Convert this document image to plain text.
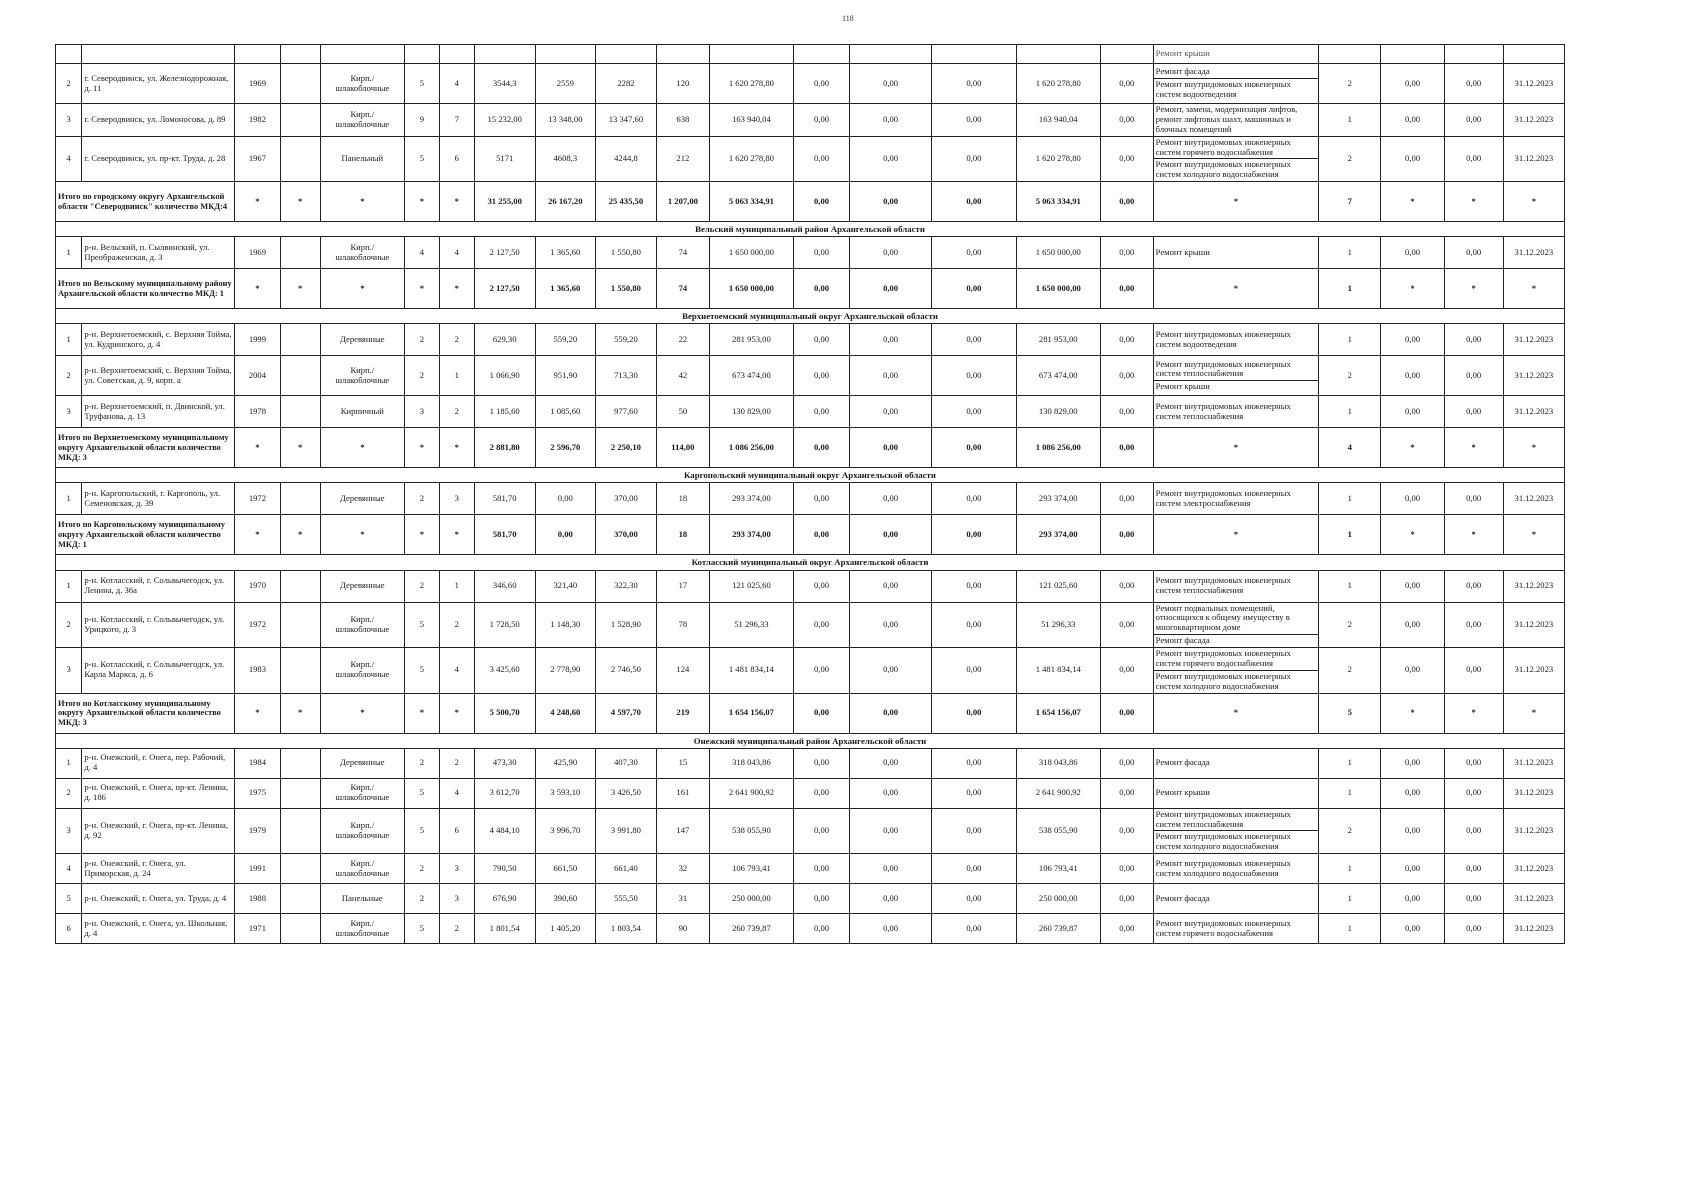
118
																	Ремонт крыши				
2	г. Северодвинск, ул. Железнодорожная, д. 11	1969		Кирп./ шлакоблочные	5	4	3544,3	2559	2282	120	1 620 278,80	0,00	0,00	0,00	1 620 278,80	0,00	Ремонт фасада
Ремонт внутридомовых инженерных систем водоотведения	2	0,00	0,00	31.12.2023
3	г. Северодвинск, ул. Ломоносова, д. 89	1982		Кирп./ шлакоблочные	9	7	15 232,00	13 348,00	13 347,60	638	163 940,04	0,00	0,00	0,00	163 940,04	0,00	Ремонт, замена, модернизация лифтов, ремонт лифтовых шахт, машинных и блочных помещений	1	0,00	0,00	31.12.2023
4	г. Северодвинск, ул. пр-кт. Труда, д. 28	1967		Панельный	5	6	5171	4608,3	4244,8	212	1 620 278,80	0,00	0,00	0,00	1 620 278,80	0,00	Ремонт внутридомовых инженерных систем горячего водоснабжения
Ремонт внутридомовых инженерных систем холодного водоснабжения	2	0,00	0,00	31.12.2023
Итого по городскому округу Архангельской области "Северодвинск" количество МКД:4		*	*	*	*	*	31 255,00	26 167,20	25 435,50	1 207,00	5 063 334,91	0,00	0,00	0,00	5 063 334,91	0,00	*	7	*	*	*
Вельский муниципальный район Архангельской области																					
1	р-н. Вельский, п. Сылвинский, ул. Преображенская, д. 3	1969		Кирп./ шлакоблочные	4	4	2 127,50	1 365,60	1 550,80	74	1 650 000,00	0,00	0,00	0,00	1 650 000,00	0,00	Ремонт крыши	1	0,00	0,00	31.12.2023
Итого по Вельскому муниципальному району Архангельской области количество МКД: 1		*	*	*	*	*	2 127,50	1 365,60	1 550,80	74	1 650 000,00	0,00	0,00	0,00	1 650 000,00	0,00	*	1	*	*	*
Верхнетоемский муниципальный округ Архангельской области																					
1	р-н. Верхнетоемский, с. Верхняя Тойма, ул. Кудринского, д. 4	1999		Деревянные	2	2	629,30	559,20	559,20	22	281 953,00	0,00	0,00	0,00	281 953,00	0,00	Ремонт внутридомовых инженерных систем водоотведения	1	0,00	0,00	31.12.2023
2	р-н. Верхнетоемский, с. Верхняя Тойма, ул. Советская, д. 9, корп. а	2004		Кирп./ шлакоблочные	2	1	1 066,90	951,90	713,30	42	673 474,00	0,00	0,00	0,00	673 474,00	0,00	Ремонт внутридомовых инженерных систем теплоснабжения
Ремонт крыши	2	0,00	0,00	31.12.2023
3	р-н. Верхнетоемский, п. Двинской, ул. Труфанова, д. 13	1978		Кирпичный	3	2	1 185,60	1 085,60	977,60	50	130 829,00	0,00	0,00	0,00	130 829,00	0,00	Ремонт внутридомовых инженерных систем теплоснабжения	1	0,00	0,00	31.12.2023
Итого по Верхнетоемскому муниципальному округу Архангельской области количество МКД: 3		*	*	*	*	*	2 881,80	2 596,70	2 250,10	114,00	1 086 256,00	0,00	0,00	0,00	1 086 256,00	0,00	*	4	*	*	*
Каргопольский муниципальный округ Архангельской области																					
1	р-н. Каргопольский, г. Каргополь, ул. Семеновская, д. 39	1972		Деревянные	2	3	581,70	0,00	370,00	18	293 374,00	0,00	0,00	0,00	293 374,00	0,00	Ремонт внутридомовых инженерных систем электроснабжения	1	0,00	0,00	31.12.2023
Итого по Каргопольскому муниципальному округу Архангельской области количество МКД: 1		*	*	*	*	*	581,70	0,00	370,00	18	293 374,00	0,00	0,00	0,00	293 374,00	0,00	*	1	*	*	*
Котласский муниципальный округ Архангельской области																					
1	р-н. Котласский, г. Сольвычегодск, ул. Ленина, д. 36а	1970		Деревянные	2	1	346,60	321,40	322,30	17	121 025,60	0,00	0,00	0,00	121 025,60	0,00	Ремонт внутридомовых инженерных систем теплоснабжения	1	0,00	0,00	31.12.2023
2	р-н. Котласский, г. Сольвычегодск, ул. Урицкого, д. 3	1972		Кирп./ шлакоблочные	5	2	1 728,50	1 148,30	1 528,90	78	51 296,33	0,00	0,00	0,00	51 296,33	0,00	Ремонт подвальных помещений, относящихся к общему имуществу в многоквартирном доме
Ремонт фасада	2	0,00	0,00	31.12.2023
3	р-н. Котласский, г. Сольвычегодск, ул. Карла Маркса, д. 6	1983		Кирп./ шлакоблочные	5	4	3 425,60	2 778,90	2 746,50	124	1 481 834,14	0,00	0,00	0,00	1 481 834,14	0,00	Ремонт внутридомовых инженерных систем горячего водоснабжения
Ремонт внутридомовых инженерных систем холодного водоснабжения	2	0,00	0,00	31.12.2023
Итого по Котласскому муниципальному округу Архангельской области количество МКД: 3		*	*	*	*	*	5 500,70	4 248,60	4 597,70	219	1 654 156,07	0,00	0,00	0,00	1 654 156,07	0,00	*	5	*	*	*
Онежский муниципальный район Архангельской области																					
1	р-н. Онежский, г. Онега, пер. Рабочий, д. 4	1984		Деревянные	2	2	473,30	425,90	407,30	15	318 043,86	0,00	0,00	0,00	318 043,86	0,00	Ремонт фасада	1	0,00	0,00	31.12.2023
2	р-н. Онежский, г. Онега, пр-кт. Ленина, д. 186	1975		Кирп./ шлакоблочные	5	4	3 612,70	3 593,10	3 426,50	161	2 641 900,92	0,00	0,00	0,00	2 641 900,92	0,00	Ремонт крыши	1	0,00	0,00	31.12.2023
3	р-н. Онежский, г. Онега, пр-кт. Ленина, д. 92	1979		Кирп./ шлакоблочные	5	6	4 484,10	3 996,70	3 991,80	147	538 055,90	0,00	0,00	0,00	538 055,90	0,00	Ремонт внутридомовых инженерных систем теплоснабжения
Ремонт внутридомовых инженерных систем холодного водоснабжения	2	0,00	0,00	31.12.2023
4	р-н. Онежский, г. Онега, ул. Приморская, д. 24	1991		Кирп./ шлакоблочные	2	3	790,50	661,50	661,40	32	106 793,41	0,00	0,00	0,00	106 793,41	0,00	Ремонт внутридомовых инженерных систем холодного водоснабжения	1	0,00	0,00	31.12.2023
5	р-н. Онежский, г. Онега, ул. Труда, д. 4	1988		Панельные	2	3	676,90	390,60	555,50	31	250 000,00	0,00	0,00	0,00	250 000,00	0,00	Ремонт фасада	1	0,00	0,00	31.12.2023
6	р-н. Онежский, г. Онега, ул. Школьная, д. 4	1971		Кирп./ шлакоблочные	5	2	1 801,54	1 405,20	1 803,54	90	260 739,87	0,00	0,00	0,00	260 739,87	0,00	Ремонт внутридомовых инженерных систем горячего водоснабжения	1	0,00	0,00	31.12.2023
